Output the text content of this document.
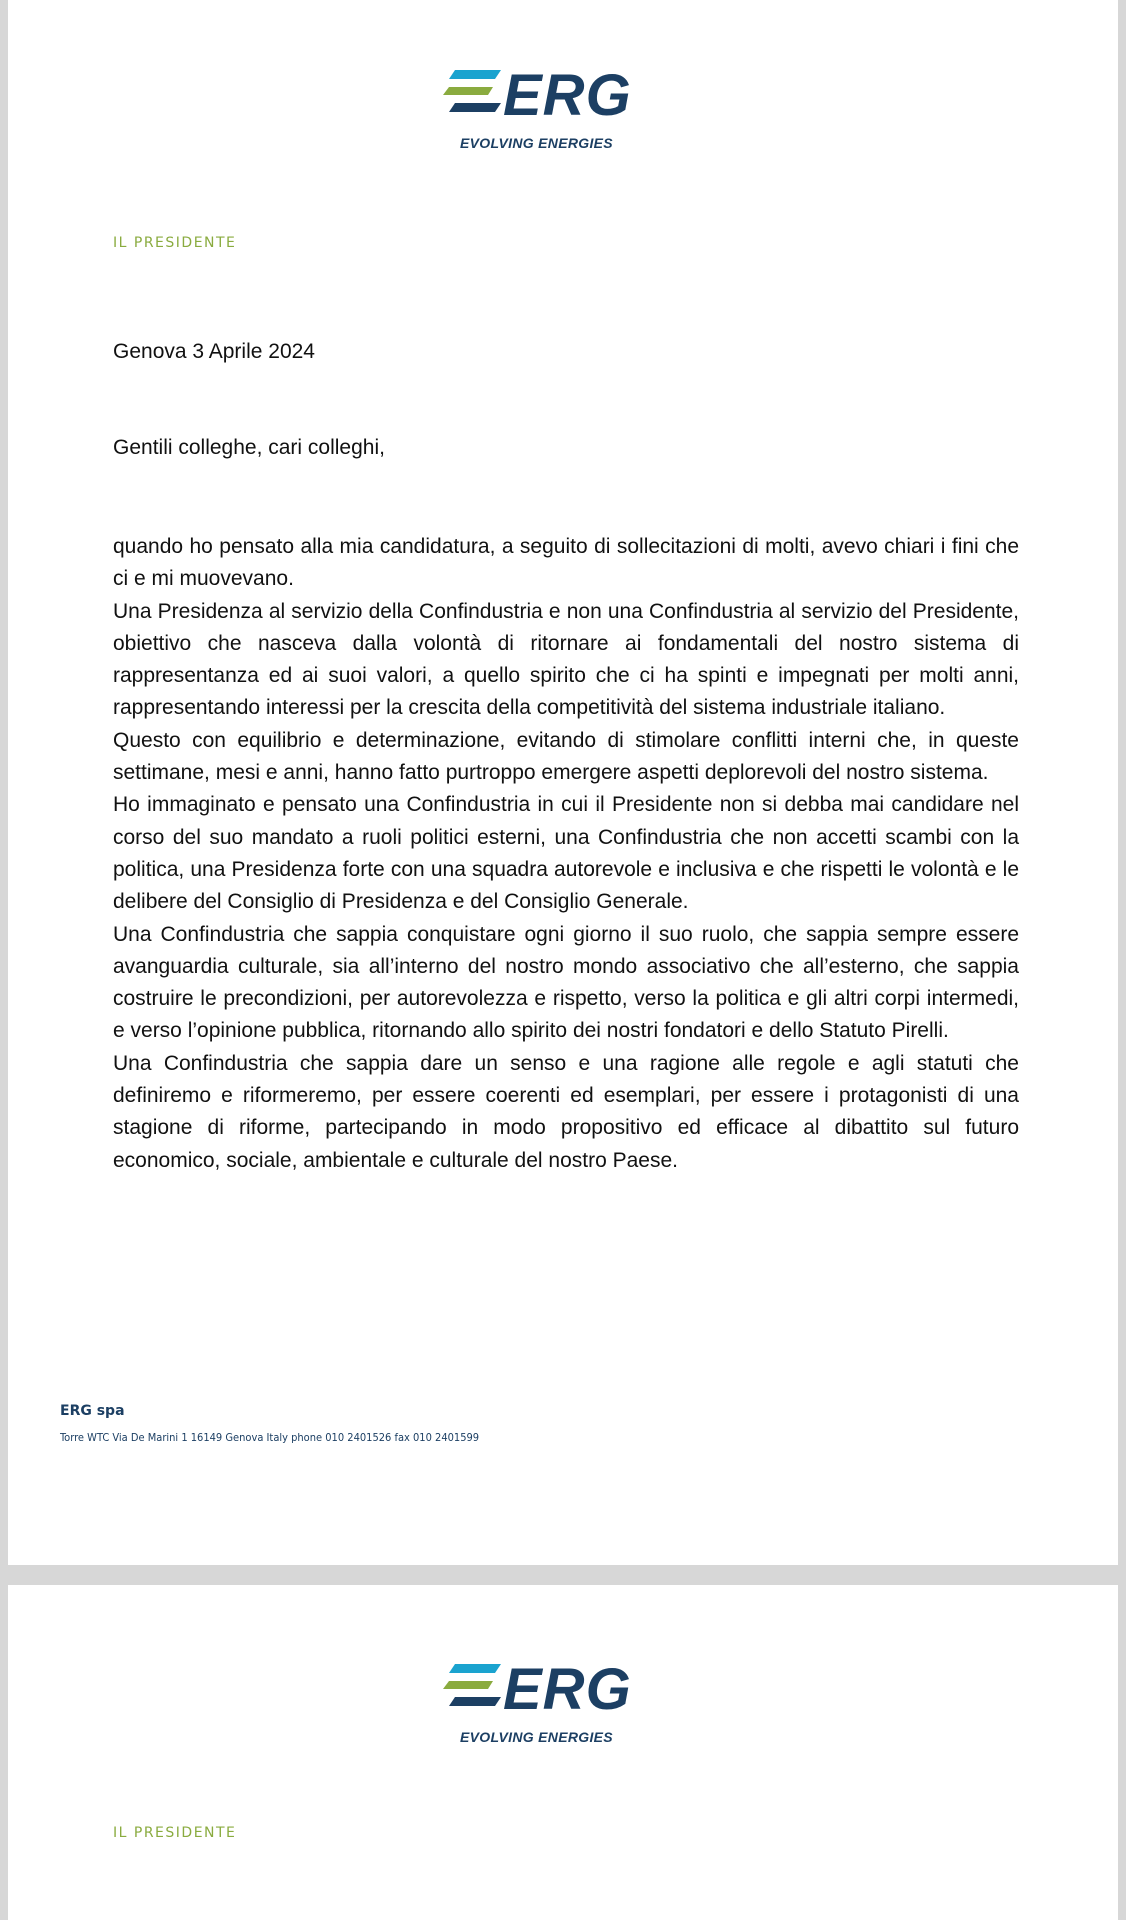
ERG
EVOLVING ENERGIES
IL PRESIDENTE
Genova 3 Aprile 2024
Gentili colleghe, cari colleghi,

quando ho pensato alla mia candidatura, a seguito di sollecitazioni di molti, avevo chiari i fini che ci e mi muovevano.

Una Presidenza al servizio della Confindustria e non una Confindustria al servizio del Presidente, obiettivo che nasceva dalla volontà di ritornare ai fondamentali del nostro sistema di rappresentanza ed ai suoi valori, a quello spirito che ci ha spinti e impegnati per molti anni, rappresentando interessi per la crescita della competitività del sistema industriale italiano.

Questo con equilibrio e determinazione, evitando di stimolare conflitti interni che, in queste settimane, mesi e anni, hanno fatto purtroppo emergere aspetti deplorevoli del nostro sistema.

Ho immaginato e pensato una Confindustria in cui il Presidente non si debba mai candidare nel corso del suo mandato a ruoli politici esterni, una Confindustria che non accetti scambi con la politica, una Presidenza forte con una squadra autorevole e inclusiva e che rispetti le volontà e le delibere del Consiglio di Presidenza e del Consiglio Generale.

Una Confindustria che sappia conquistare ogni giorno il suo ruolo, che sappia sempre essere avanguardia culturale, sia all’interno del nostro mondo associativo che all’esterno, che sappia costruire le precondizioni, per autorevolezza e rispetto, verso la politica e gli altri corpi intermedi, e verso l’opinione pubblica, ritornando allo spirito dei nostri fondatori e dello Statuto Pirelli.

Una Confindustria che sappia dare un senso e una ragione alle regole e agli statuti che definiremo e riformeremo, per essere coerenti ed esemplari, per essere i protagonisti di una stagione di riforme, partecipando in modo propositivo ed efficace al dibattito sul futuro economico, sociale, ambientale e culturale del nostro Paese.

ERG spa
Torre WTC Via De Marini 1 16149 Genova Italy phone 010 2401526 fax 010 2401599
ERG
EVOLVING ENERGIES
IL PRESIDENTE
